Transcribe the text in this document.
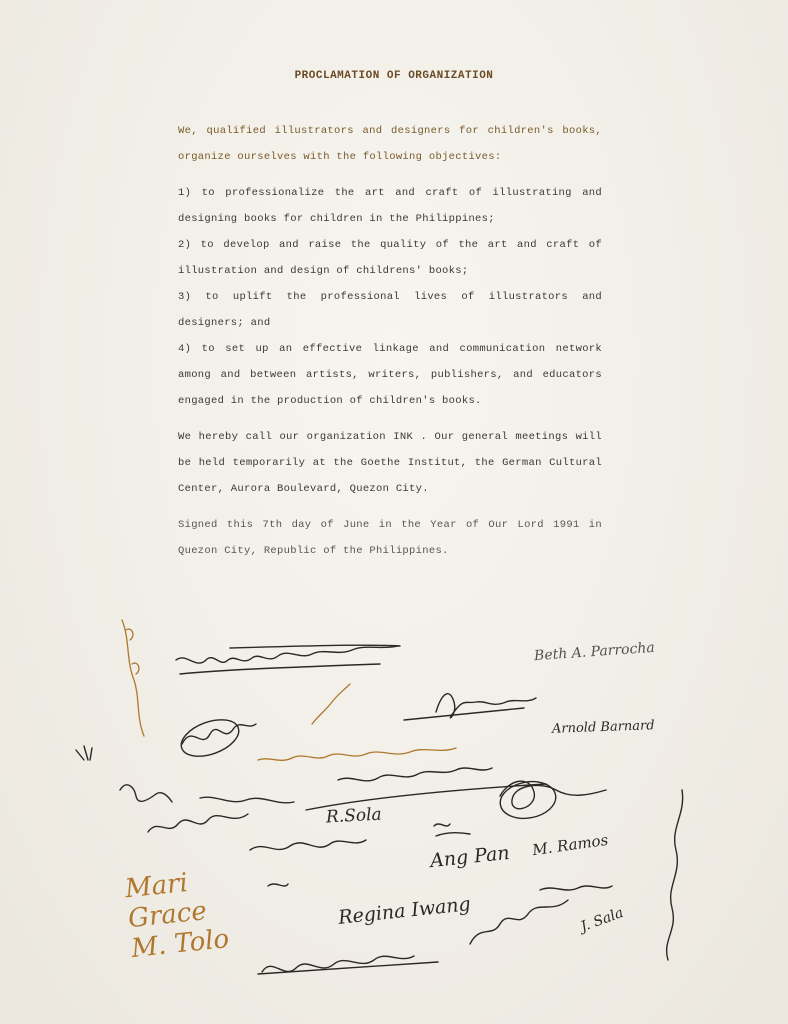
PROCLAMATION OF ORGANIZATION

We, qualified illustrators and designers for children's books, organize ourselves with the following objectives:

1) to professionalize the art and craft of illustrating and designing books for children in the Philippines;

2) to develop and raise the quality of the art and craft of illustration and design of childrens' books;

3) to uplift the professional lives of illustrators and designers; and

4) to set up an effective linkage and communication network among and between artists, writers, publishers, and educators engaged in the production of children's books.

We hereby call our organization INK . Our general meetings will be held temporarily at the Goethe Institut, the German Cultural Center, Aurora Boulevard, Quezon City.

Signed this 7th day of June in the Year of Our Lord 1991 in Quezon City, Republic of the Philippines.

Beth A. Parrocha
Mari Grace M. Tolo
R.Sola
Ang Pan
Regina Iwang
M. Ramos
Arnold Barnard
J. Sala
